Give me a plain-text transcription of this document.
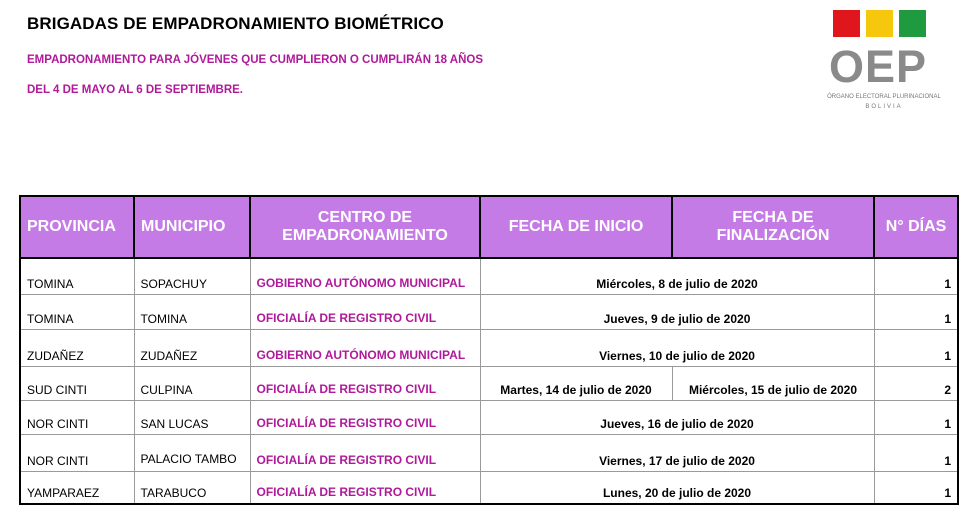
BRIGADAS DE EMPADRONAMIENTO BIOMÉTRICO
EMPADRONAMIENTO PARA JÓVENES QUE CUMPLIERON O CUMPLIRÁN 18 AÑOS
DEL 4 DE MAYO AL 6 DE SEPTIEMBRE.	OEP
ÓRGANO ELECTORAL PLURINACIONAL
BOLIVIA
PROVINCIA	MUNICIPIO	CENTRO DE EMPADRONAMIENTO	FECHA DE INICIO	FECHA DE FINALIZACIÓN	N° DÍAS
TOMINA	SOPACHUY	GOBIERNO AUTÓNOMO MUNICIPAL	Miércoles, 8 de julio de 2020		1
TOMINA	TOMINA	OFICIALÍA DE REGISTRO CIVIL	Jueves, 9 de julio de 2020		1
ZUDAÑEZ	ZUDAÑEZ	GOBIERNO AUTÓNOMO MUNICIPAL	Viernes, 10 de julio de 2020		1
SUD CINTI	CULPINA	OFICIALÍA DE REGISTRO CIVIL	Martes, 14 de julio de 2020	Miércoles, 15 de julio de 2020	2
NOR CINTI	SAN LUCAS	OFICIALÍA DE REGISTRO CIVIL	Jueves, 16 de julio de 2020		1
NOR CINTI	PALACIO TAMBO	OFICIALÍA DE REGISTRO CIVIL	Viernes, 17 de julio de 2020		1
YAMPARAEZ	TARABUCO	OFICIALÍA DE REGISTRO CIVIL	Lunes, 20 de julio de 2020		1
